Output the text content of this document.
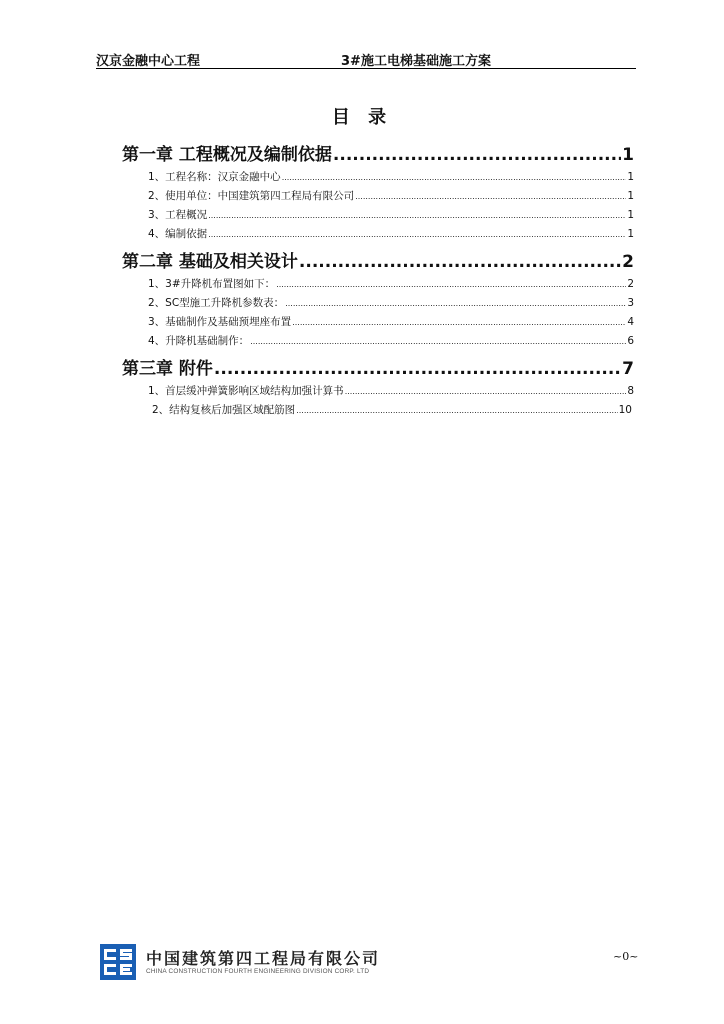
汉京金融中心工程	3#施工电梯基础施工方案
目 录
第一章 工程概况及编制依据 .....	1
1、工程名称：汉京金融中心 .....	1
2、使用单位：中国建筑第四工程局有限公司 .....	1
3、工程概况 .....	1
4、编制依据 .....	1
第二章 基础及相关设计 .....	2
1、3#升降机布置图如下： .....	2
2、SC型施工升降机参数表： .....	3
3、基础制作及基础预埋座布置 .....	4
4、升降机基础制作： .....	6
第三章 附件 .....	7
1、首层缓冲弹簧影响区域结构加强计算书 .....	8
2、结构复核后加强区域配筋图 .....	10
中国建筑第四工程局有限公司
CHINA CONSTRUCTION FOURTH ENGINEERING DIVISION CORP. LTD
~0~
